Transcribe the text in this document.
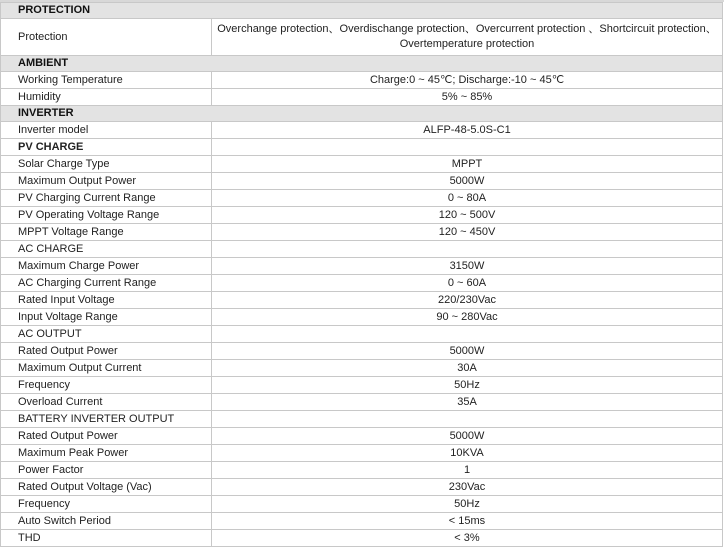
PROTECTION	
Protection	Overchange protection、Overdischange protection、Overcurrent protection 、Shortcircuit protection、Overtemperature protection
AMBIENT	
Working Temperature	Charge:0 ~ 45℃; Discharge:-10 ~ 45℃
Humidity	5% ~ 85%
INVERTER	
Inverter model	ALFP-48-5.0S-C1
PV CHARGE	
Solar Charge Type	MPPT
Maximum Output Power	5000W
PV Charging Current Range	0 ~ 80A
PV Operating Voltage Range	120 ~ 500V
MPPT Voltage Range	120 ~ 450V
AC CHARGE	
Maximum Charge Power	3150W
AC Charging Current Range	0 ~ 60A
Rated Input Voltage	220/230Vac
Input Voltage Range	90 ~ 280Vac
AC OUTPUT	
Rated Output Power	5000W
Maximum Output Current	30A
Frequency	50Hz
Overload Current	35A
BATTERY INVERTER OUTPUT	
Rated Output Power	5000W
Maximum Peak Power	10KVA
Power Factor	1
Rated Output Voltage (Vac)	230Vac
Frequency	50Hz
Auto Switch Period	< 15ms
THD	< 3%
